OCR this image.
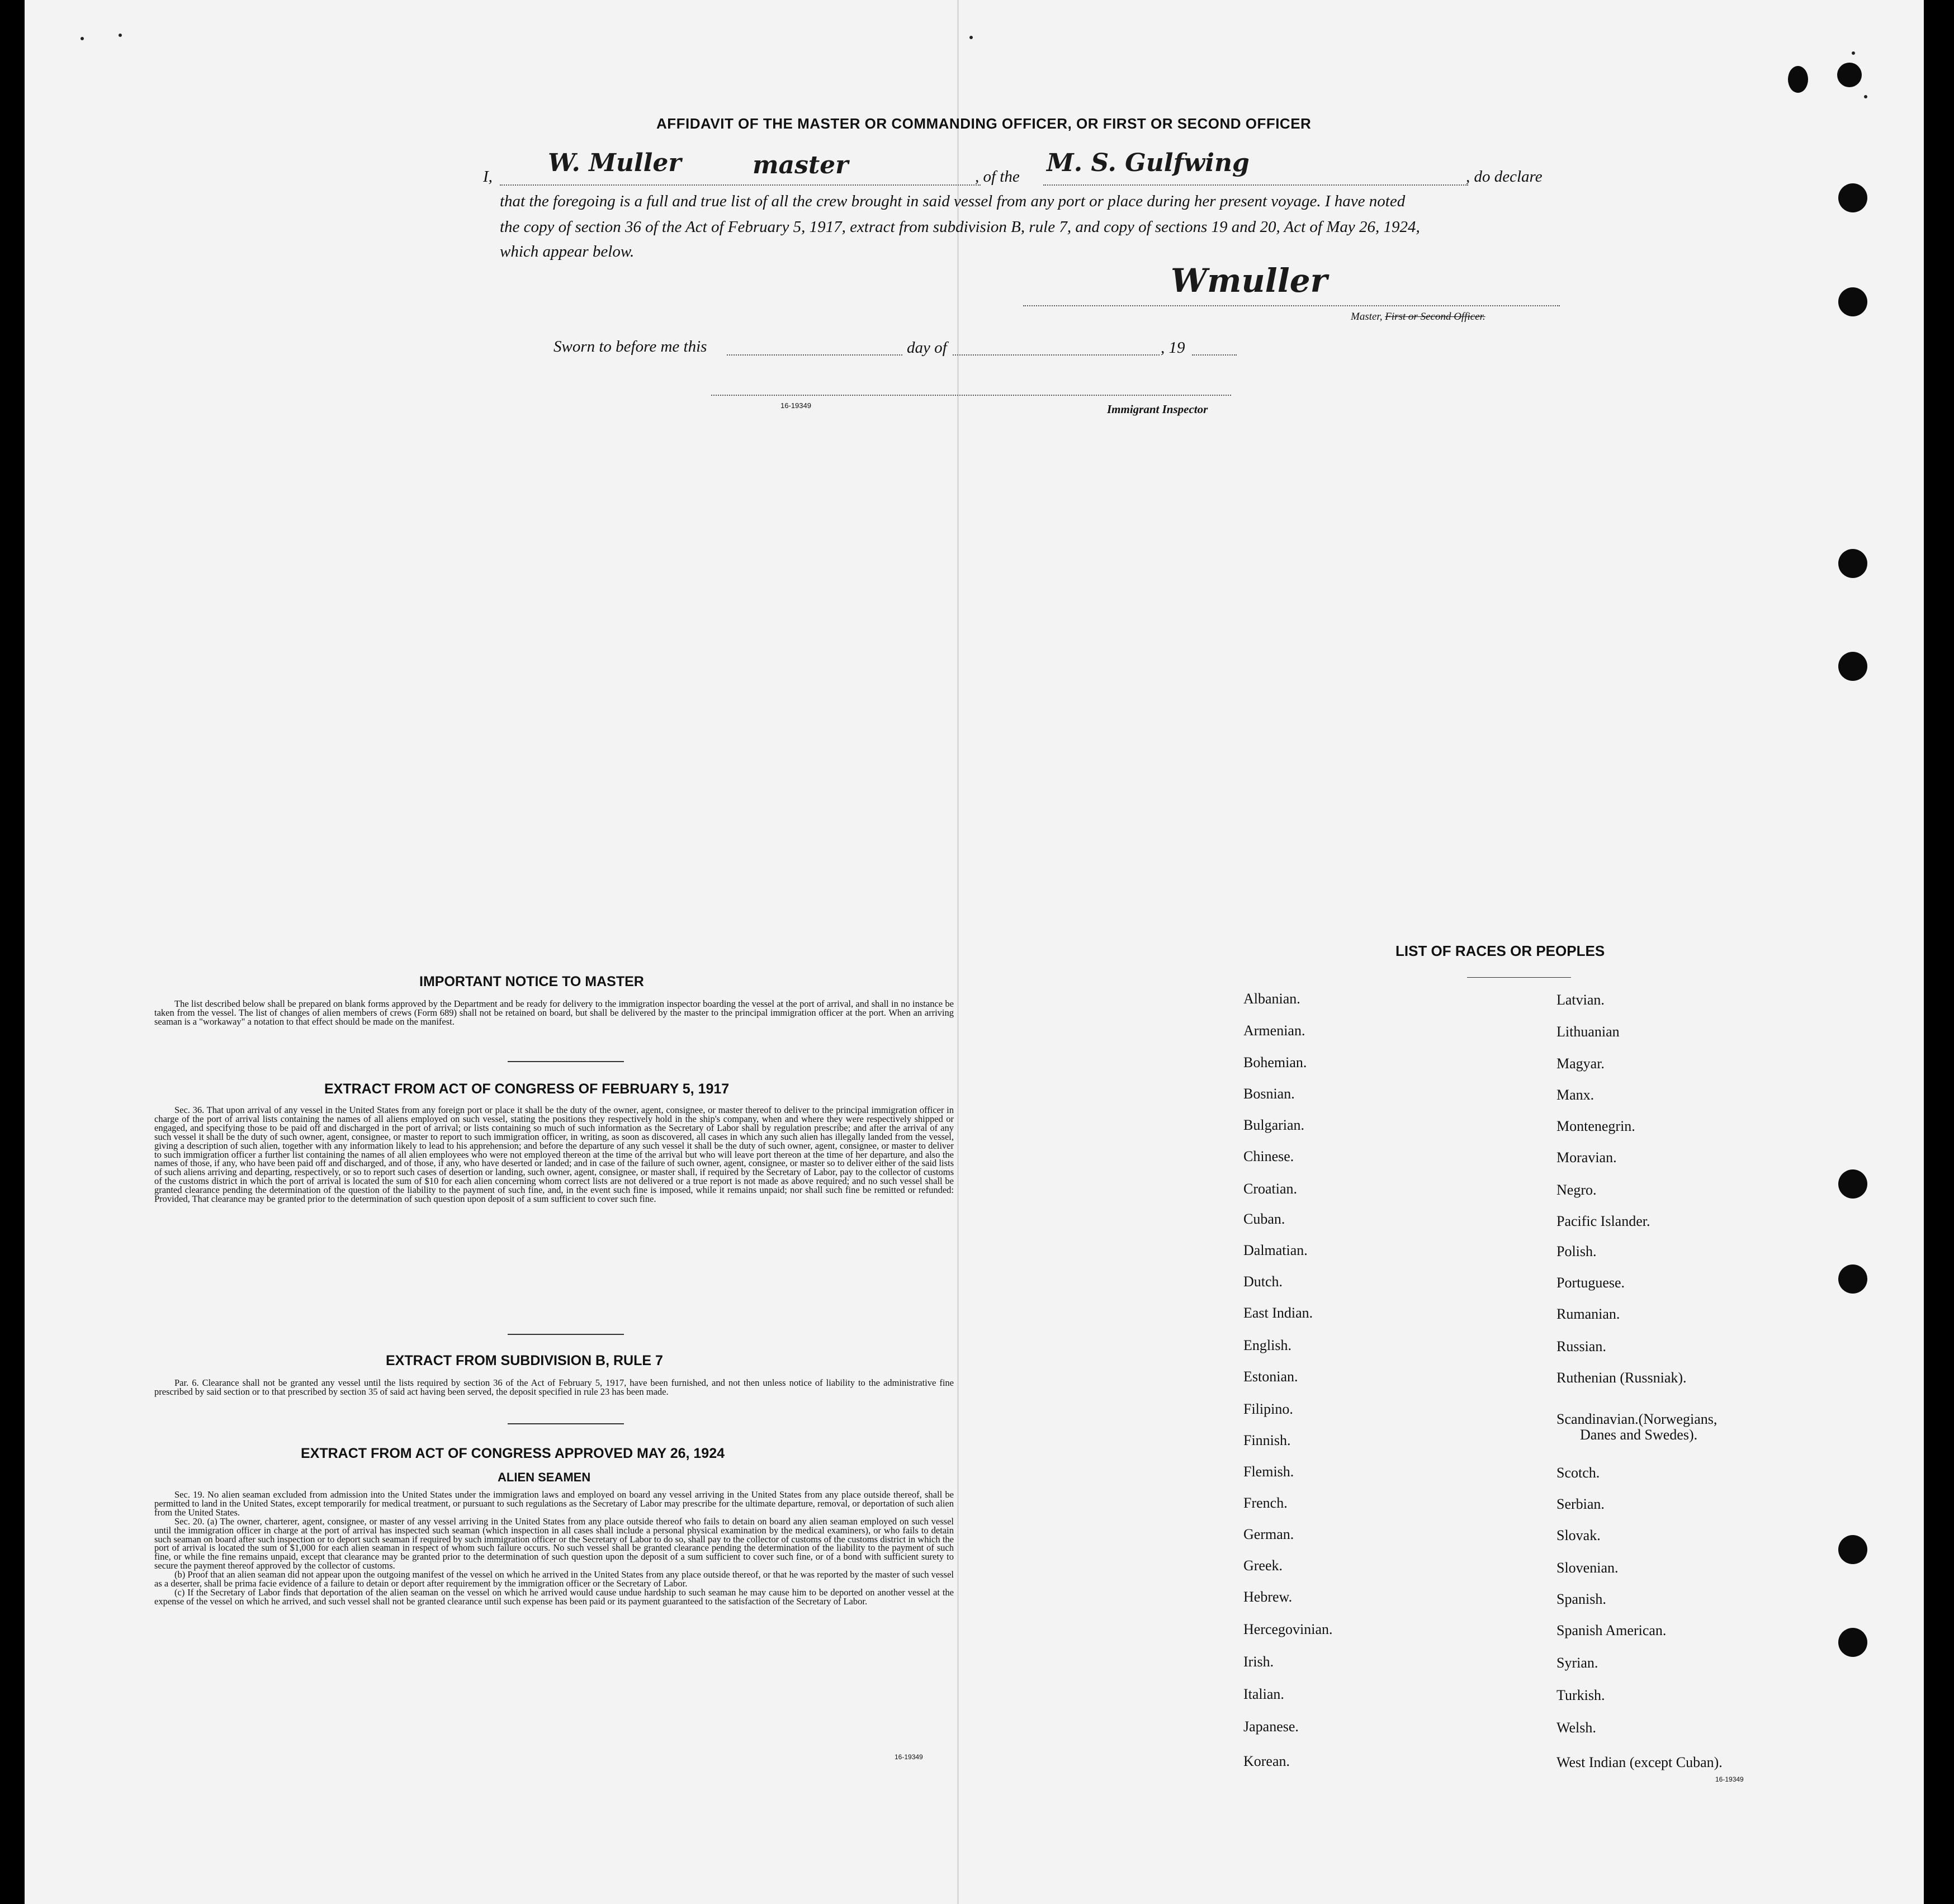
AFFIDAVIT OF THE MASTER OR COMMANDING OFFICER, OR FIRST OR SECOND OFFICER
I, W. Muller	master	, of the M. S. Gulfwing	, do declare
that the foregoing is a full and true list of all the crew brought in said vessel from any port or place during her present voyage. I have noted
the copy of section 36 of the Act of February 5, 1917, extract from subdivision B, rule 7, and copy of sections 19 and 20, Act of May 26, 1924,
which appear below.
Wmuller
Master, First or Second Officer.
Sworn to before me this	day of	, 19
16-19349	Immigrant Inspector
IMPORTANT NOTICE TO MASTER

The list described below shall be prepared on blank forms approved by the Department and be ready for delivery to the immigration inspector boarding the vessel at the port of arrival, and shall in no instance be taken from the vessel. The list of changes of alien members of crews (Form 689) shall not be retained on board, but shall be delivered by the master to the principal immigration officer at the port. When an arriving seaman is a "workaway" a notation to that effect should be made on the manifest.

EXTRACT FROM ACT OF CONGRESS OF FEBRUARY 5, 1917

Sec. 36. That upon arrival of any vessel in the United States from any foreign port or place it shall be the duty of the owner, agent, consignee, or master thereof to deliver to the principal immigration officer in charge of the port of arrival lists containing the names of all aliens employed on such vessel, stating the positions they respectively hold in the ship's company, when and where they were respectively shipped or engaged, and specifying those to be paid off and discharged in the port of arrival; or lists containing so much of such information as the Secretary of Labor shall by regulation prescribe; and after the arrival of any such vessel it shall be the duty of such owner, agent, consignee, or master to report to such immigration officer, in writing, as soon as discovered, all cases in which any such alien has illegally landed from the vessel, giving a description of such alien, together with any information likely to lead to his apprehension; and before the departure of any such vessel it shall be the duty of such owner, agent, consignee, or master to deliver to such immigration officer a further list containing the names of all alien employees who were not employed thereon at the time of the arrival but who will leave port thereon at the time of her departure, and also the names of those, if any, who have been paid off and discharged, and of those, if any, who have deserted or landed; and in case of the failure of such owner, agent, consignee, or master so to deliver either of the said lists of such aliens arriving and departing, respectively, or so to report such cases of desertion or landing, such owner, agent, consignee, or master shall, if required by the Secretary of Labor, pay to the collector of customs of the customs district in which the port of arrival is located the sum of $10 for each alien concerning whom correct lists are not delivered or a true report is not made as above required; and no such vessel shall be granted clearance pending the determination of the question of the liability to the payment of such fine, and, in the event such fine is imposed, while it remains unpaid; nor shall such fine be remitted or refunded: Provided, That clearance may be granted prior to the determination of such question upon deposit of a sum sufficient to cover such fine.

EXTRACT FROM SUBDIVISION B, RULE 7

Par. 6. Clearance shall not be granted any vessel until the lists required by section 36 of the Act of February 5, 1917, have been furnished, and not then unless notice of liability to the administrative fine prescribed by said section or to that prescribed by section 35 of said act having been served, the deposit specified in rule 23 has been made.

EXTRACT FROM ACT OF CONGRESS APPROVED MAY 26, 1924
ALIEN SEAMEN

Sec. 19. No alien seaman excluded from admission into the United States under the immigration laws and employed on board any vessel arriving in the United States from any place outside thereof, shall be permitted to land in the United States, except temporarily for medical treatment, or pursuant to such regulations as the Secretary of Labor may prescribe for the ultimate departure, removal, or deportation of such alien from the United States.

Sec. 20. (a) The owner, charterer, agent, consignee, or master of any vessel arriving in the United States from any place outside thereof who fails to detain on board any alien seaman employed on such vessel until the immigration officer in charge at the port of arrival has inspected such seaman (which inspection in all cases shall include a personal physical examination by the medical examiners), or who fails to detain such seaman on board after such inspection or to deport such seaman if required by such immigration officer or the Secretary of Labor to do so, shall pay to the collector of customs of the customs district in which the port of arrival is located the sum of $1,000 for each alien seaman in respect of whom such failure occurs. No such vessel shall be granted clearance pending the determination of the liability to the payment of such fine, or while the fine remains unpaid, except that clearance may be granted prior to the determination of such question upon the deposit of a sum sufficient to cover such fine, or of a bond with sufficient surety to secure the payment thereof approved by the collector of customs.

(b) Proof that an alien seaman did not appear upon the outgoing manifest of the vessel on which he arrived in the United States from any place outside thereof, or that he was reported by the master of such vessel as a deserter, shall be prima facie evidence of a failure to detain or deport after requirement by the immigration officer or the Secretary of Labor.

(c) If the Secretary of Labor finds that deportation of the alien seaman on the vessel on which he arrived would cause undue hardship to such seaman he may cause him to be deported on another vessel at the expense of the vessel on which he arrived, and such vessel shall not be granted clearance until such expense has been paid or its payment guaranteed to the satisfaction of the Secretary of Labor.

16-19349
LIST OF RACES OR PEOPLES
Albanian.
Armenian.
Bohemian.
Bosnian.
Bulgarian.
Chinese.
Croatian.
Cuban.
Dalmatian.
Dutch.
East Indian.
English.
Estonian.
Filipino.
Finnish.
Flemish.
French.
German.
Greek.
Hebrew.
Hercegovinian.
Irish.
Italian.
Japanese.
Korean.
Latvian.
Lithuanian
Magyar.
Manx.
Montenegrin.
Moravian.
Negro.
Pacific Islander.
Polish.
Portuguese.
Rumanian.
Russian.
Ruthenian (Russniak).
Scandinavian.(Norwegians,
Danes and Swedes).
Scotch.
Serbian.
Slovak.
Slovenian.
Spanish.
Spanish American.
Syrian.
Turkish.
Welsh.
West Indian (except Cuban).
16-19349
